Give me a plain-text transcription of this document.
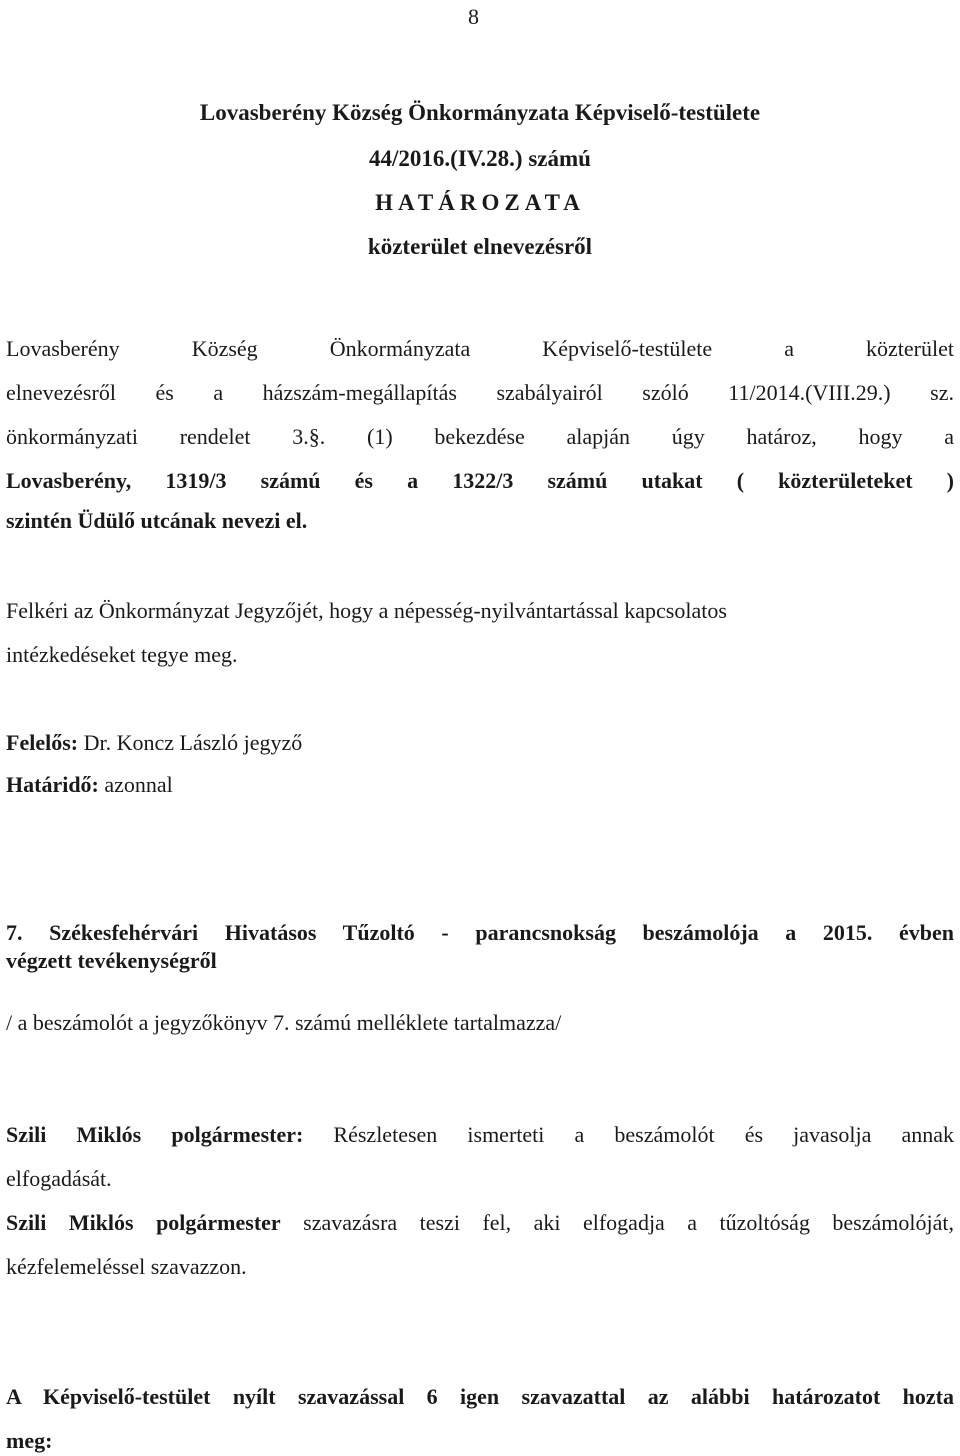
8
Lovasberény Község Önkormányzata Képviselő-testülete
44/2016.(IV.28.) számú
HATÁROZATA
közterület elnevezésről
Lovasberény Község Önkormányzata Képviselő-testülete a közterület
elnevezésről és a házszám-megállapítás szabályairól szóló 11/2014.(VIII.29.) sz.
önkormányzati rendelet 3.§. (1) bekezdése alapján úgy határoz, hogy a
Lovasberény, 1319/3 számú és a 1322/3 számú utakat ( közterületeket )
szintén Üdülő utcának nevezi el.
Felkéri az Önkormányzat Jegyzőjét, hogy a népesség-nyilvántartással kapcsolatos
intézkedéseket tegye meg.
Felelős: Dr. Koncz László jegyző
Határidő: azonnal
7. Székesfehérvári Hivatásos Tűzoltó - parancsnokság beszámolója a 2015. évben
végzett tevékenységről
/ a beszámolót a jegyzőkönyv 7. számú melléklete tartalmazza/
Szili Miklós polgármester: Részletesen ismerteti a beszámolót és javasolja annak
elfogadását.
Szili Miklós polgármester szavazásra teszi fel, aki elfogadja a tűzoltóság beszámolóját,
kézfelemeléssel szavazzon.
A Képviselő-testület nyílt szavazással 6 igen szavazattal az alábbi határozatot hozta
meg:
